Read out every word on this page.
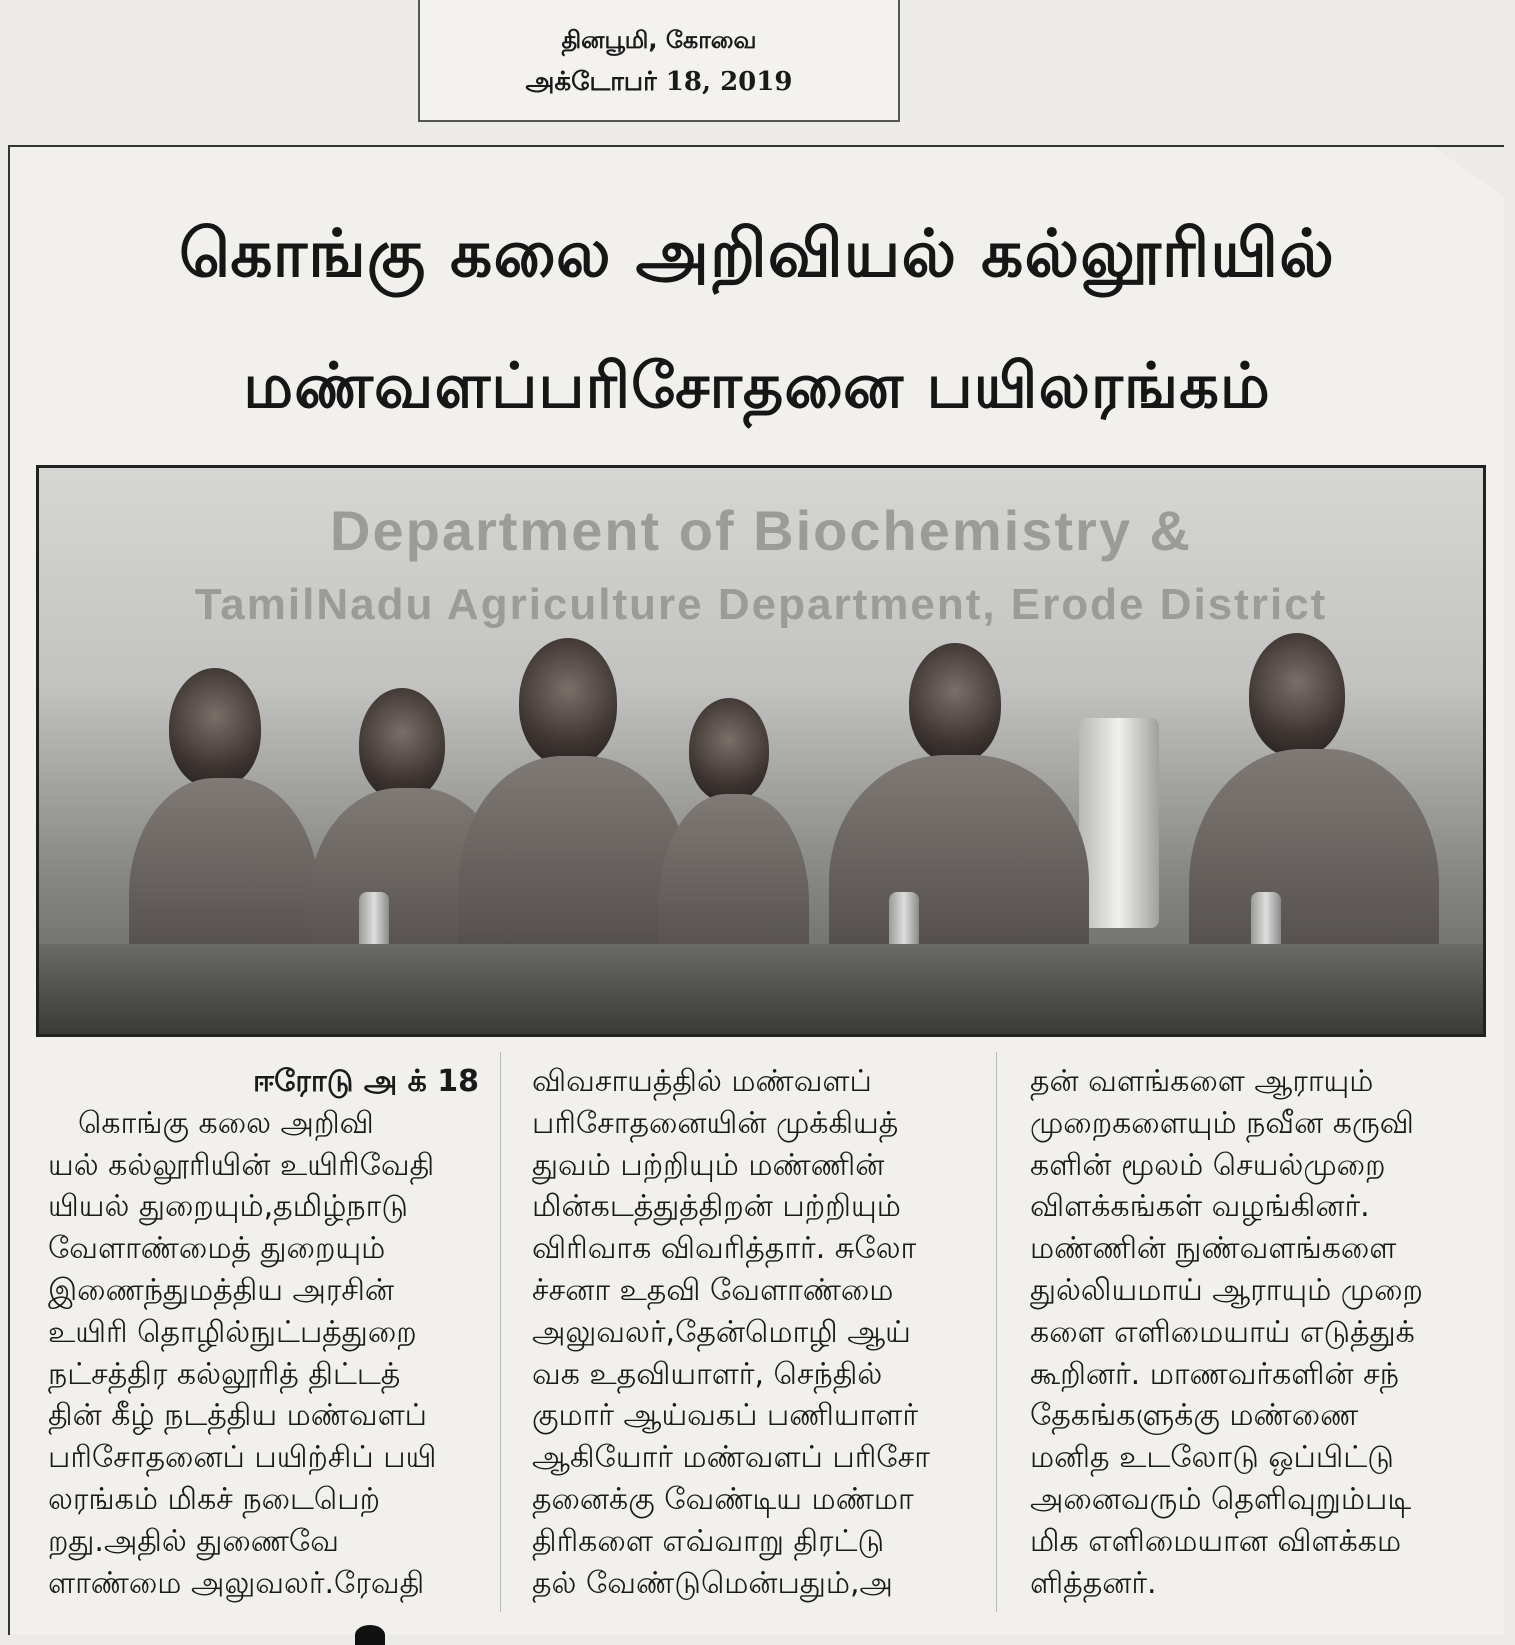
தினபூமி, கோவை
அக்டோபர் 18, 2019
கொங்கு கலை அறிவியல் கல்லூரியில்
மண்வளப்பரிசோதனை பயிலரங்கம்
Department of Biochemistry &
TamilNadu Agriculture Department, Erode District
ஈரோடு அ க் 18
கொங்கு கலை அறிவி
யல் கல்லூரியின் உயிரிவேதி
யியல் துறையும்,தமிழ்நாடு
வேளாண்மைத் துறையும்
இணைந்துமத்திய அரசின்
உயிரி தொழில்நுட்பத்துறை
நட்சத்திர கல்லூரித் திட்டத்
தின் கீழ் நடத்திய மண்வளப்
பரிசோதனைப் பயிற்சிப் பயி
லரங்கம் மிகச் நடைபெற்
றது.அதில் துணைவே
ளாண்மை அலுவலர்.ரேவதி
விவசாயத்தில் மண்வளப்
பரிசோதனையின் முக்கியத்
துவம் பற்றியும் மண்ணின்
மின்கடத்துத்திறன் பற்றியும்
விரிவாக விவரித்தார். சுலோ
ச்சனா உதவி வேளாண்மை
அலுவலர்,தேன்மொழி ஆய்
வக உதவியாளர், செந்தில்
குமார் ஆய்வகப் பணியாளர்
ஆகியோர் மண்வளப் பரிசோ
தனைக்கு வேண்டிய மண்மா
திரிகளை எவ்வாறு திரட்டு
தல் வேண்டுமென்பதும்,அ
தன் வளங்களை ஆராயும்
முறைகளையும் நவீன கருவி
களின் மூலம் செயல்முறை
விளக்கங்கள் வழங்கினர்.
மண்ணின் நுண்வளங்களை
துல்லியமாய் ஆராயும் முறை
களை எளிமையாய் எடுத்துக்
கூறினர். மாணவர்களின் சந்
தேகங்களுக்கு மண்ணை
மனித உடலோடு ஒப்பிட்டு
அனைவரும் தெளிவுறும்படி
மிக எளிமையான விளக்கம
ளித்தனர்.
